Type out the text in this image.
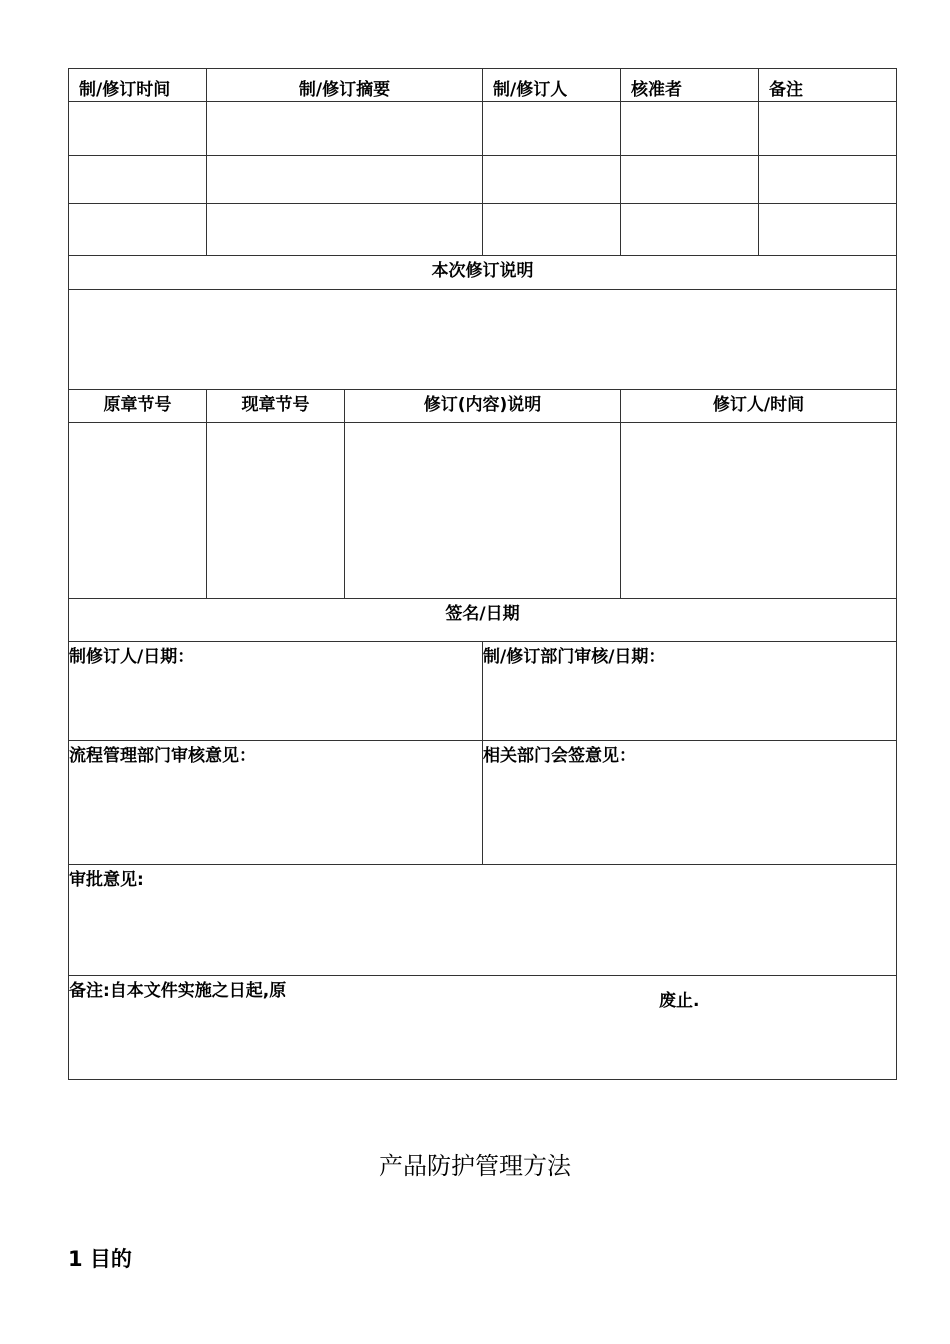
制/修订时间	制/修订摘要		制/修订人	核准者	备注

本次修订说明					

原章节号	现章节号	修订(内容)说明		修订人/时间	

签名/日期					
制修订人/日期：			制/修订部门审核/日期：		
流程管理部门审核意见：			相关部门会签意见：		
审批意见:					
备注:自本文件实施之日起,原 废止.					
产品防护管理方法
1 目的
